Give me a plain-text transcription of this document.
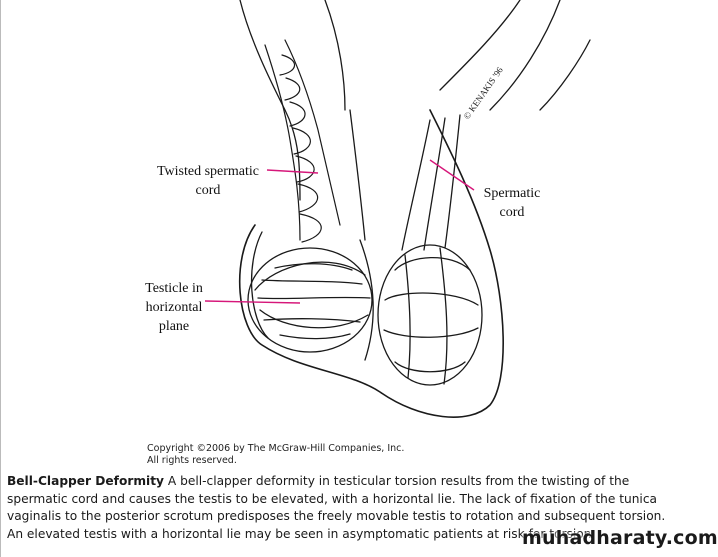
© KENAKIS '96
Twisted spermatic
cord	Spermatic
cord
Testicle in
horizontal
plane
Copyright ©2006 by The McGraw-Hill Companies, Inc.
All rights reserved.
Bell-Clapper Deformity A bell-clapper deformity in testicular torsion results from the twisting of the spermatic cord and causes the testis to be elevated, with a horizontal lie. The lack of fixation of the tunica vaginalis to the posterior scrotum predisposes the freely movable testis to rotation and subsequent torsion. An elevated testis with a horizontal lie may be seen in asymptomatic patients at risk for torsion.
muhadharaty.com
